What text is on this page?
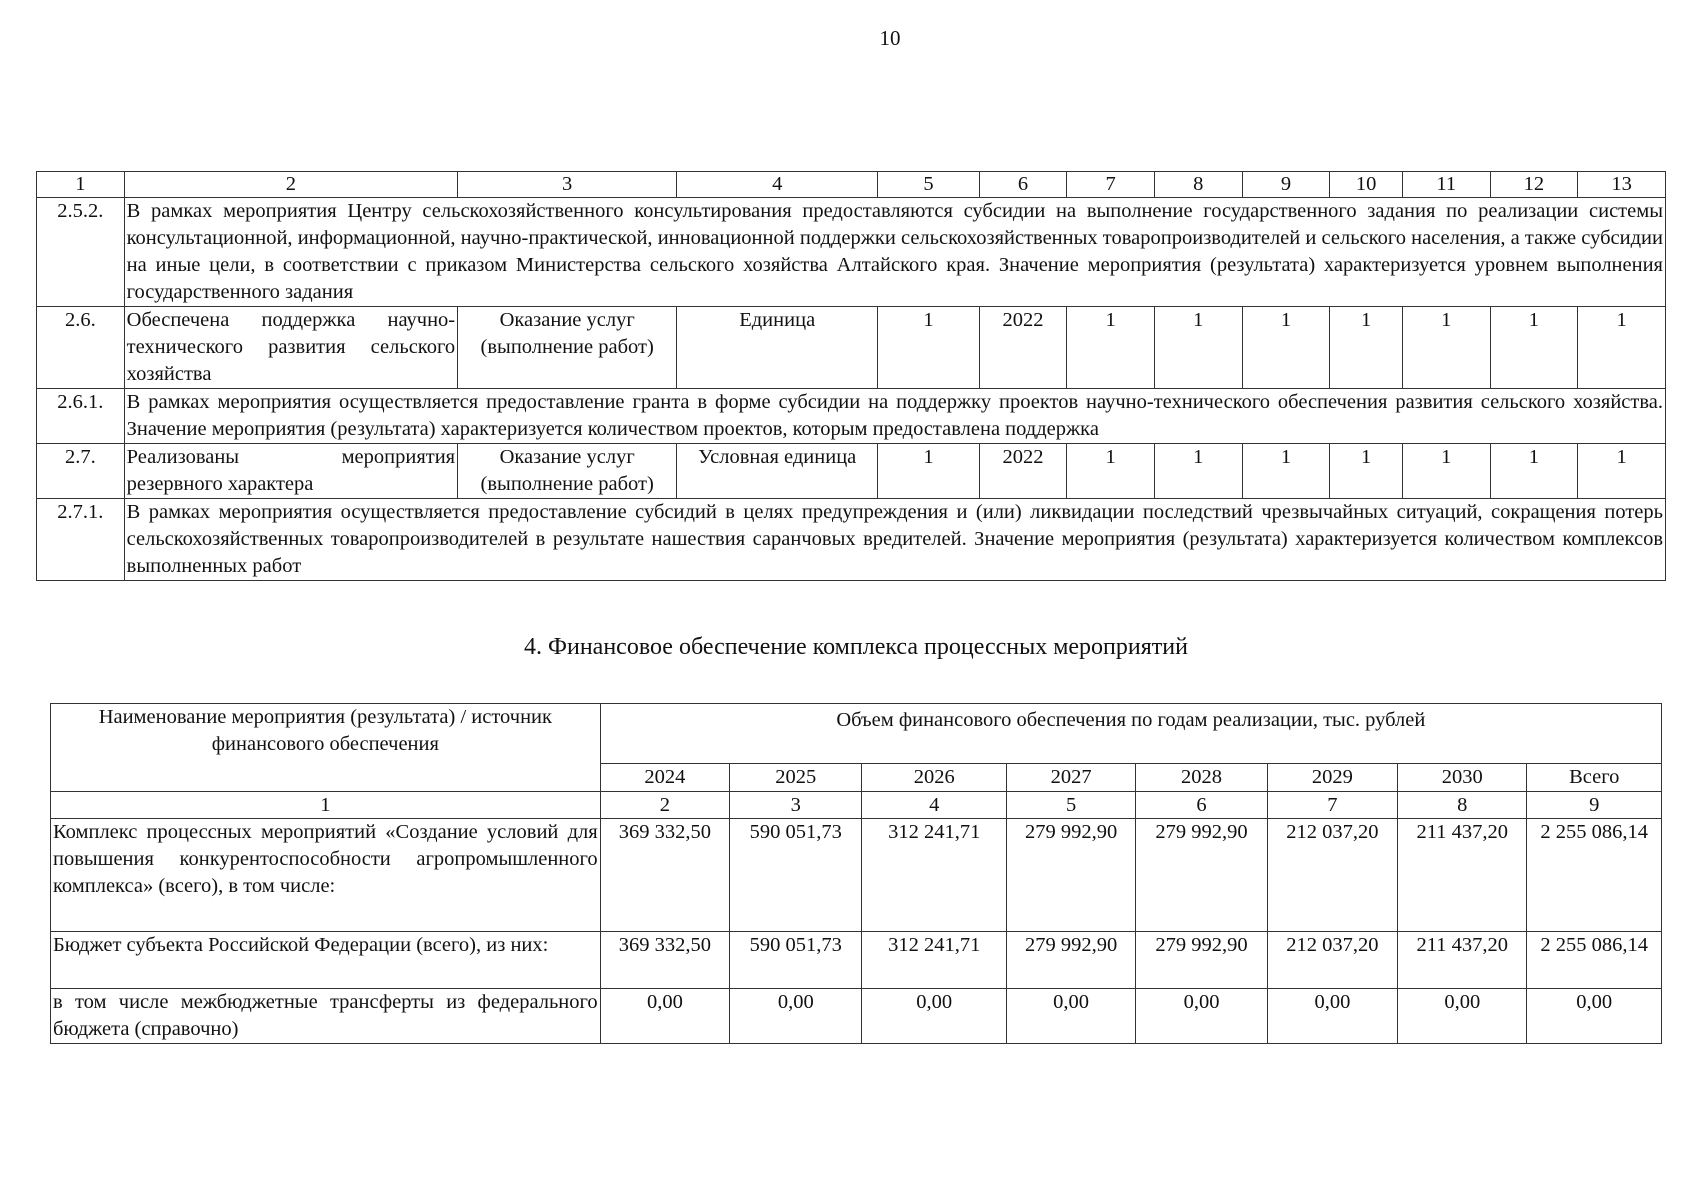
10
1	2	3	4	5	6	7	8	9	10	11	12	13
2.5.2.	В рамках мероприятия Центру сельскохозяйственного консультирования предоставляются субсидии на выполнение государственного задания по реализации системы консультационной, информационной, научно-практической, инновационной поддержки сельскохозяйственных товаропроизводителей и сельского населения, а также субсидии на иные цели, в соответствии с приказом Министерства сельского хозяйства Алтайского края. Значение мероприятия (результата) характеризуется уровнем выполнения государственного задания											
2.6.	Обеспечена поддержка научно-технического развития сельского хозяйства	Оказание услуг (выполнение работ)	Единица	1	2022	1	1	1	1	1	1	1
2.6.1.	В рамках мероприятия осуществляется предоставление гранта в форме субсидии на поддержку проектов научно-технического обеспечения развития сельского хозяйства. Значение мероприятия (результата) характеризуется количеством проектов, которым предоставлена поддержка											
2.7.	Реализованы мероприятия резервного характера	Оказание услуг (выполнение работ)	Условная единица	1	2022	1	1	1	1	1	1	1
2.7.1.	В рамках мероприятия осуществляется предоставление субсидий в целях предупреждения и (или) ликвидации последствий чрезвычайных ситуаций, сокращения потерь сельскохозяйственных товаропроизводителей в результате нашествия саранчовых вредителей. Значение мероприятия (результата) характеризуется количеством комплексов выполненных работ											
4. Финансовое обеспечение комплекса процессных мероприятий
Наименование мероприятия (результата) / источник финансового обеспечения	Объем финансового обеспечения по годам реализации, тыс. рублей							
	2024	2025	2026	2027	2028	2029	2030	Всего
1	2	3	4	5	6	7	8	9
Комплекс процессных мероприятий «Создание условий для повышения конкурентоспособности агропромышленного комплекса» (всего), в том числе:	369 332,50	590 051,73	312 241,71	279 992,90	279 992,90	212 037,20	211 437,20	2 255 086,14
Бюджет субъекта Российской Федерации (всего), из них:	369 332,50	590 051,73	312 241,71	279 992,90	279 992,90	212 037,20	211 437,20	2 255 086,14
в том числе межбюджетные трансферты из федерального бюджета (справочно)	0,00	0,00	0,00	0,00	0,00	0,00	0,00	0,00
